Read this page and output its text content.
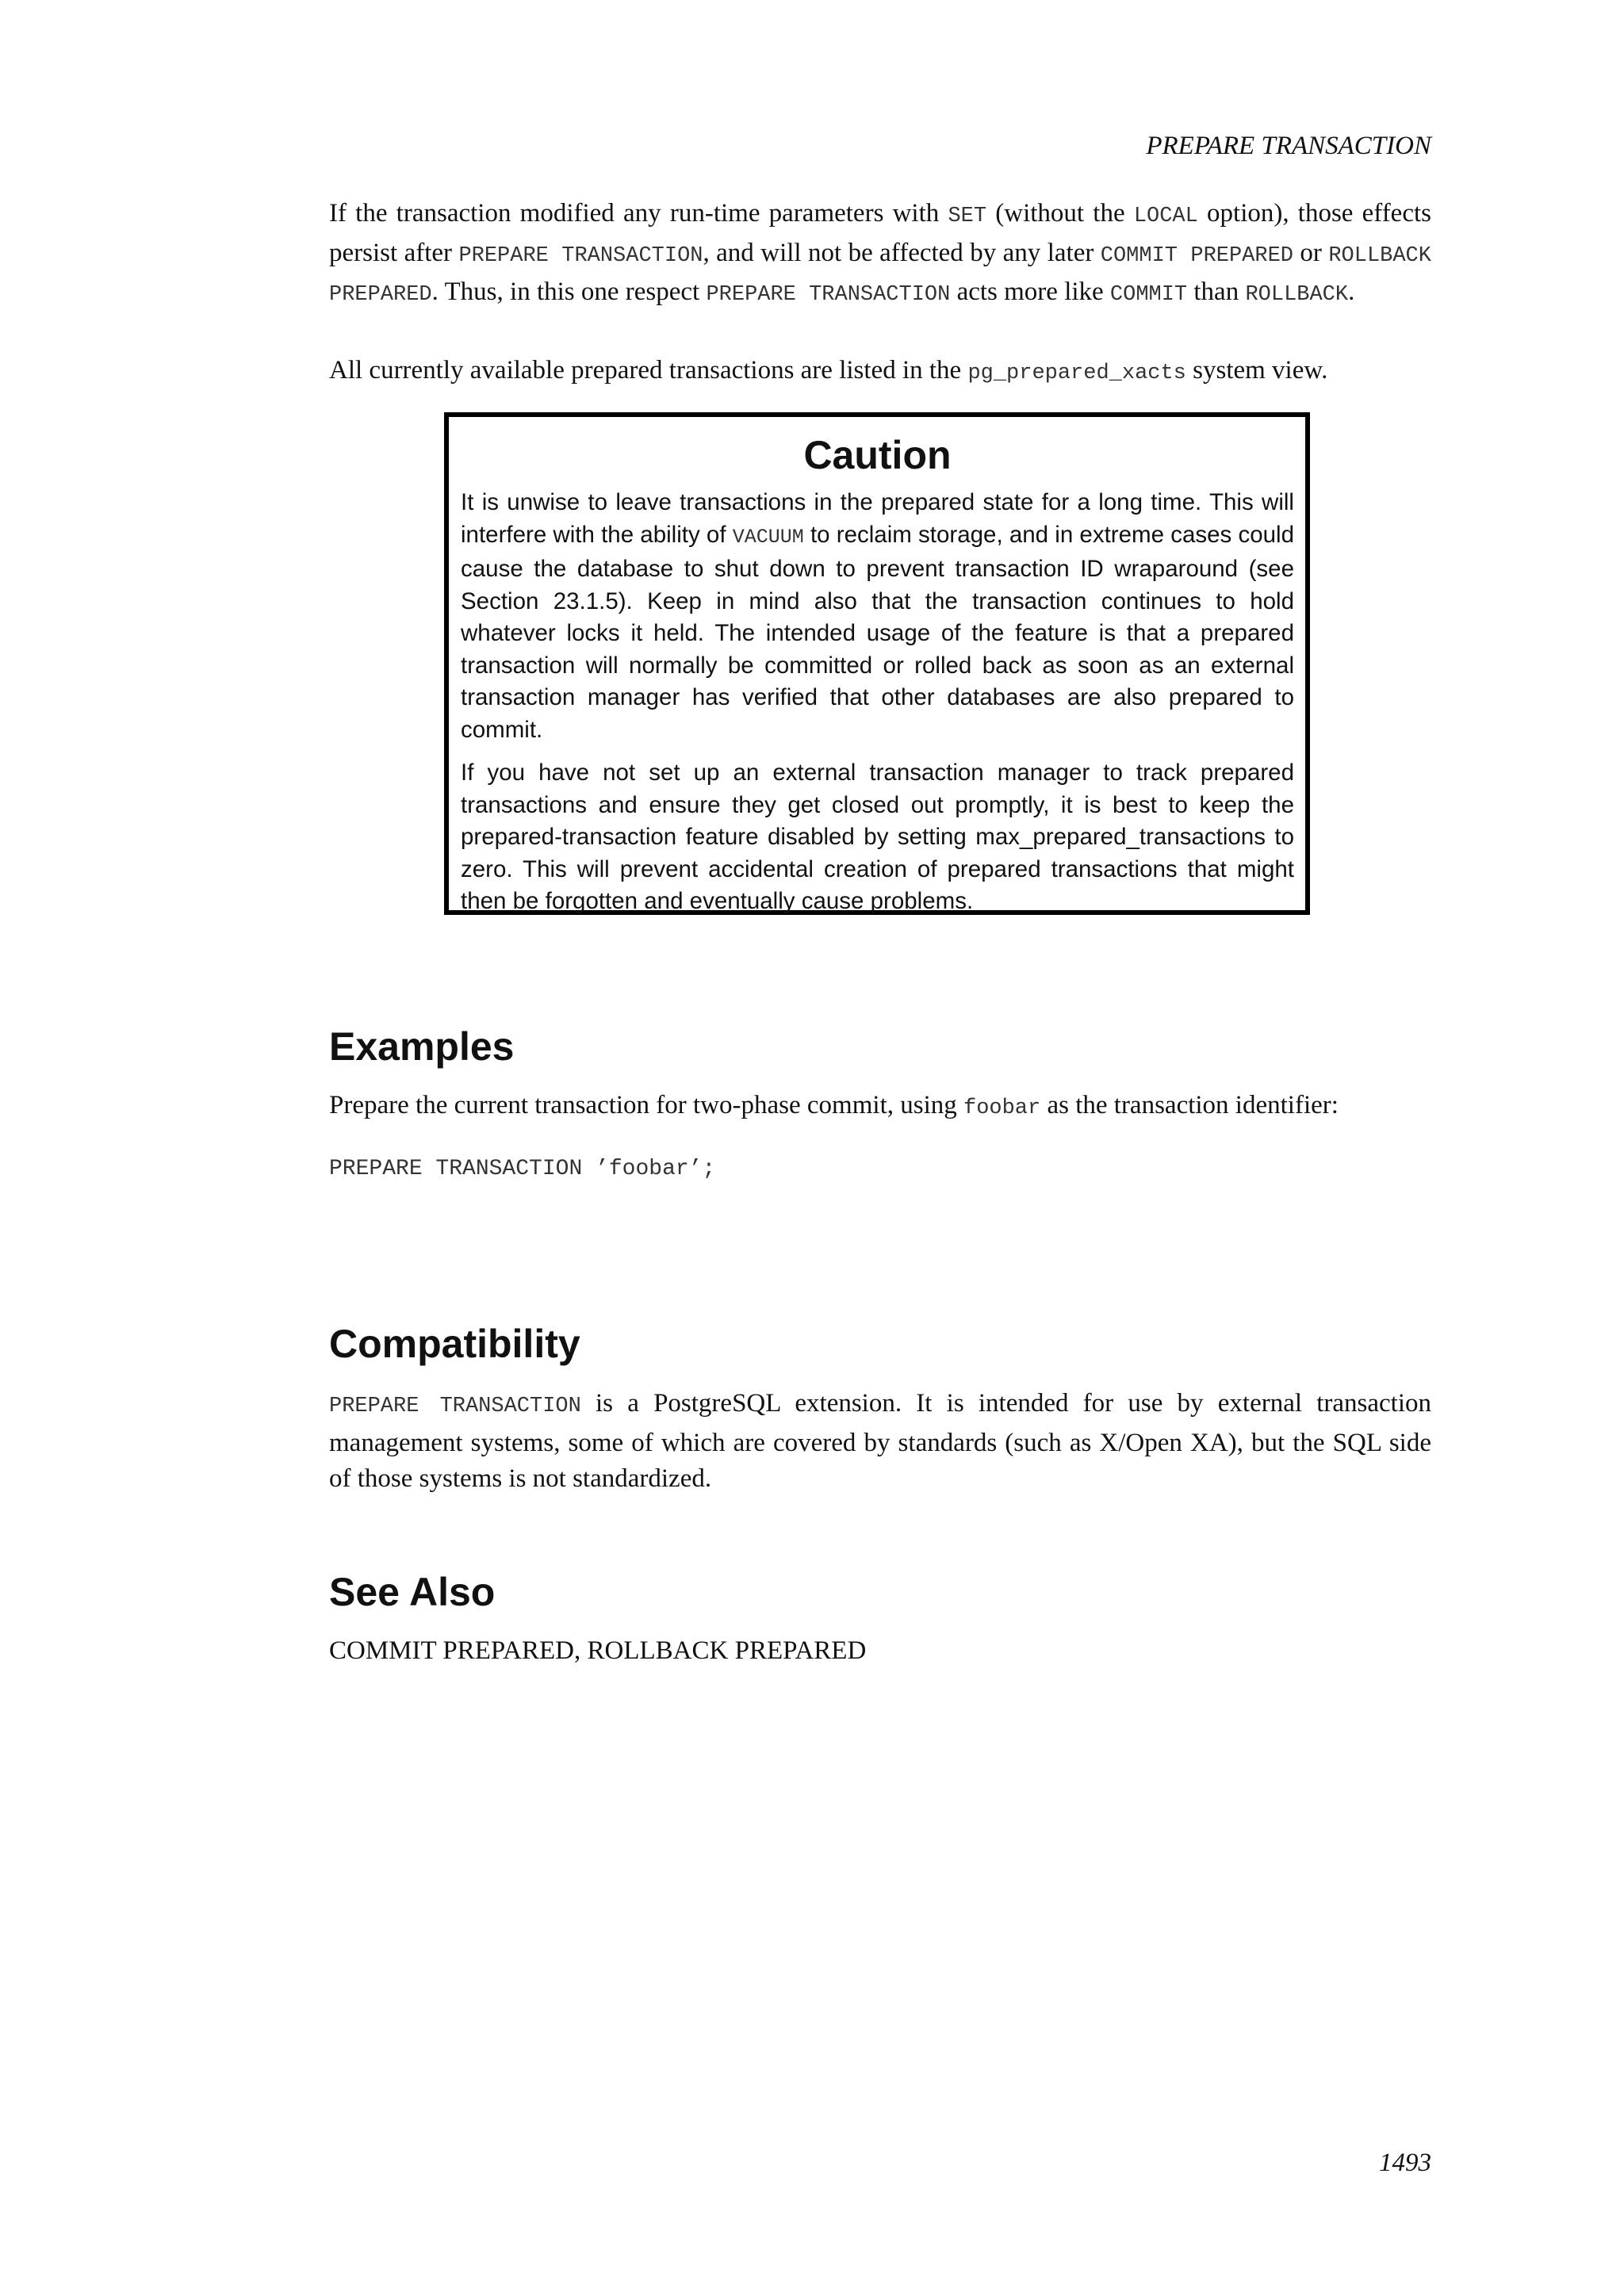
PREPARE TRANSACTION

If the transaction modified any run-time parameters with SET (without the LOCAL option), those effects persist after PREPARE TRANSACTION, and will not be affected by any later COMMIT PREPARED or ROLLBACK PREPARED. Thus, in this one respect PREPARE TRANSACTION acts more like COMMIT than ROLLBACK.

All currently available prepared transactions are listed in the pg_prepared_xacts system view.

Caution

It is unwise to leave transactions in the prepared state for a long time. This will interfere with the ability of VACUUM to reclaim storage, and in extreme cases could cause the database to shut down to prevent transaction ID wraparound (see Section 23.1.5). Keep in mind also that the transaction continues to hold whatever locks it held. The intended usage of the feature is that a prepared transaction will normally be committed or rolled back as soon as an external transaction manager has verified that other databases are also prepared to commit.

If you have not set up an external transaction manager to track prepared transactions and ensure they get closed out promptly, it is best to keep the prepared-transaction feature disabled by setting max_prepared_transactions to zero. This will prevent accidental creation of prepared transactions that might then be forgotten and eventually cause problems.

Examples

Prepare the current transaction for two-phase commit, using foobar as the transaction identifier:

PREPARE TRANSACTION ’foobar’;
Compatibility

PREPARE TRANSACTION is a PostgreSQL extension. It is intended for use by external transaction management systems, some of which are covered by standards (such as X/Open XA), but the SQL side of those systems is not standardized.

See Also

COMMIT PREPARED, ROLLBACK PREPARED

1493
